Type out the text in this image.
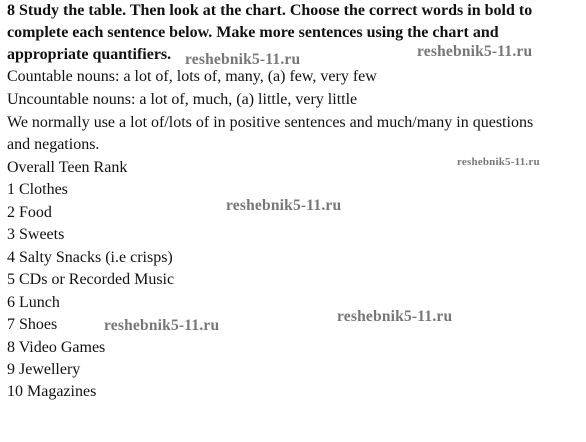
8 Study the table. Then look at the chart. Choose the correct words in bold to
complete each sentence below. Make more sentences using the chart and
appropriate quantifiers.
Countable nouns: a lot of, lots of, many, (a) few, very few
Uncountable nouns: a lot of, much, (a) little, very little
We normally use a lot of/lots of in positive sentences and much/many in questions
and negations.
Overall Teen Rank
1 Clothes
2 Food
3 Sweets
4 Salty Snacks (i.e crisps)
5 CDs or Recorded Music
6 Lunch
7 Shoes
8 Video Games
9 Jewellery
10 Magazines
reshebnik5-11.ru	reshebnik5-11.ru
reshebnik5-11.ru
reshebnik5-11.ru
reshebnik5-11.ru
reshebnik5-11.ru
